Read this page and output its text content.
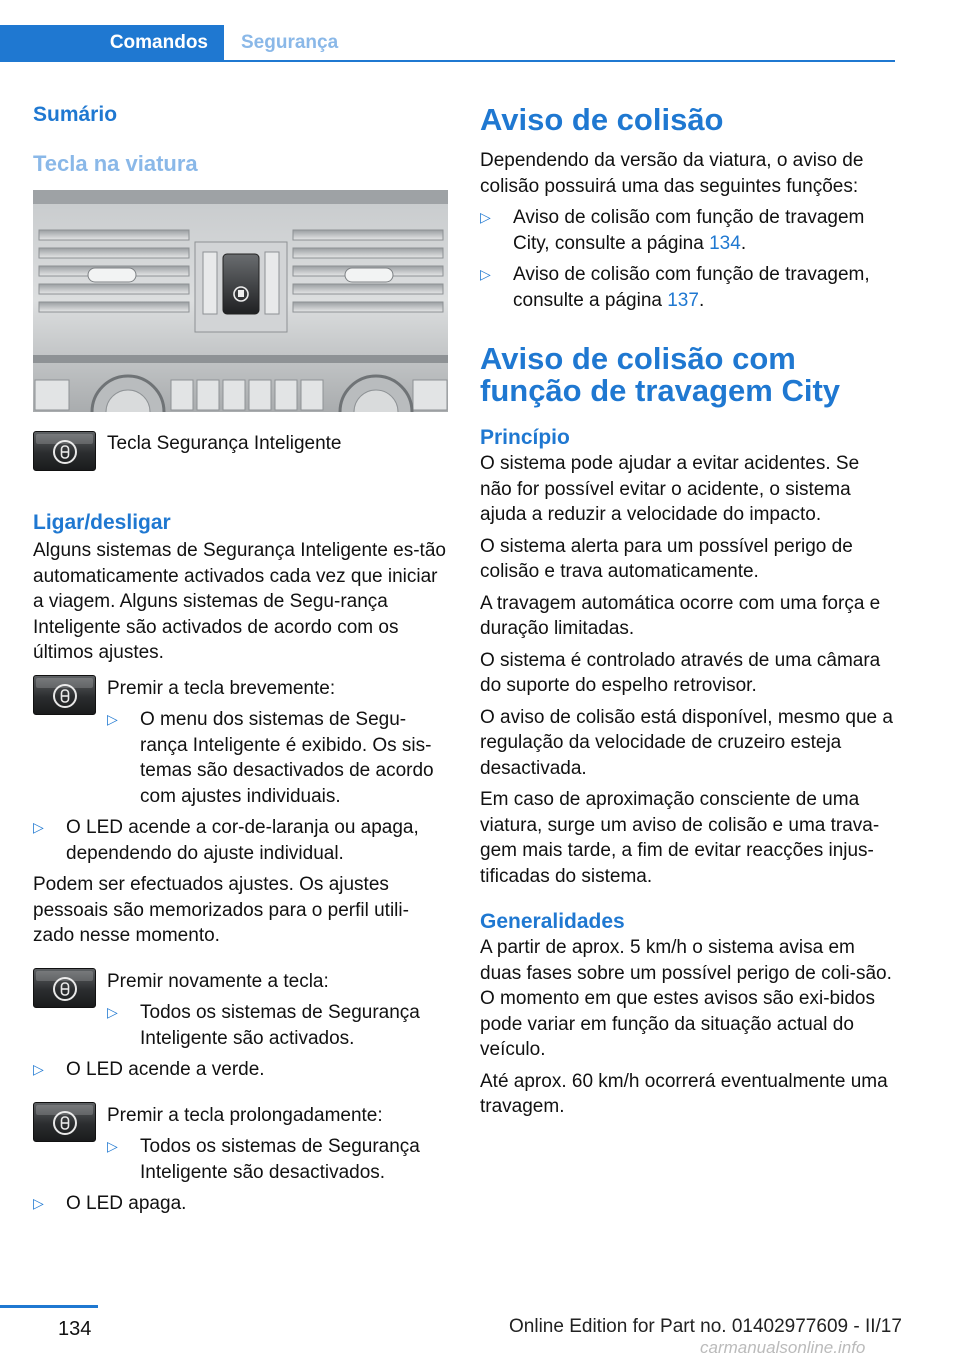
Comandos	Segurança
Sumário
Tecla na viatura

Tecla Segurança Inteligente

Ligar/desligar

Alguns sistemas de Segurança Inteligente es-tão automaticamente activados cada vez que iniciar a viagem. Alguns sistemas de Segu-rança Inteligente são activados de acordo com os últimos ajustes.

Premir a tecla brevemente:

▷	O menu dos sistemas de Segu-rança Inteligente é exibido. Os sis-temas são desactivados de acordo com ajustes individuais.
▷	O LED acende a cor-de-laranja ou apaga, dependendo do ajuste individual.

Podem ser efectuados ajustes. Os ajustes pessoais são memorizados para o perfil utili-zado nesse momento.

Premir novamente a tecla:

▷	Todos os sistemas de Segurança Inteligente são activados.
▷	O LED acende a verde.

Premir a tecla prolongadamente:

▷	Todos os sistemas de Segurança Inteligente são desactivados.
▷	O LED apaga.
Aviso de colisão

Dependendo da versão da viatura, o aviso de colisão possuirá uma das seguintes funções:

▷	Aviso de colisão com função de travagem City, consulte a página 134.
▷	Aviso de colisão com função de travagem, consulte a página 137.
Aviso de colisão com função de travagem City
Princípio

O sistema pode ajudar a evitar acidentes. Se não for possível evitar o acidente, o sistema ajuda a reduzir a velocidade do impacto.

O sistema alerta para um possível perigo de colisão e trava automaticamente.

A travagem automática ocorre com uma força e duração limitadas.

O sistema é controlado através de uma câmara do suporte do espelho retrovisor.

O aviso de colisão está disponível, mesmo que a regulação da velocidade de cruzeiro esteja desactivada.

Em caso de aproximação consciente de uma viatura, surge um aviso de colisão e uma trava-gem mais tarde, a fim de evitar reacções injus-tificadas do sistema.

Generalidades

A partir de aprox. 5 km/h o sistema avisa em duas fases sobre um possível perigo de coli-são. O momento em que estes avisos são exi-bidos pode variar em função da situação actual do veículo.

Até aprox. 60 km/h ocorrerá eventualmente uma travagem.

134	Online Edition for Part no. 01402977609 - II/17
carmanualsonline.info
